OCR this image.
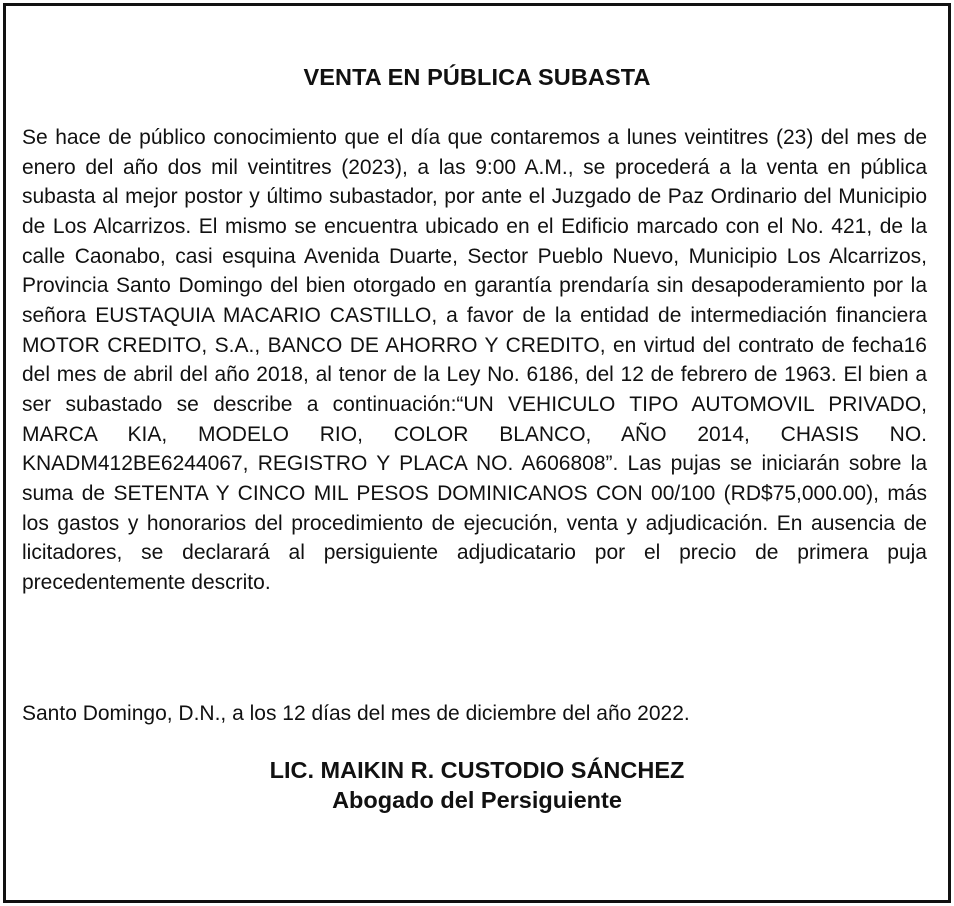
VENTA EN PÚBLICA SUBASTA

Se hace de público conocimiento que el día que contaremos a lunes veintitres (23) del mes de enero del año dos mil veintitres (2023), a las 9:00 A.M., se procederá a la venta en pública subasta al mejor postor y último subastador, por ante el Juzgado de Paz Ordinario del Municipio de Los Alcarrizos. El mismo se encuentra ubicado en el Edificio marcado con el No. 421, de la calle Caonabo, casi esquina Avenida Duarte, Sector Pueblo Nuevo, Municipio Los Alcarrizos, Provincia Santo Domingo del bien otorgado en garantía prendaría sin desapoderamiento por la señora EUSTAQUIA MACARIO CASTILLO, a favor de la entidad de intermediación financiera MOTOR CREDITO, S.A., BANCO DE AHORRO Y CREDITO, en virtud del contrato de fecha16 del mes de abril del año 2018, al tenor de la Ley No. 6186, del 12 de febrero de 1963. El bien a ser subastado se describe a continuación:“UN VEHICULO TIPO AUTOMOVIL PRIVADO, MARCA KIA, MODELO RIO, COLOR BLANCO, AÑO 2014, CHASIS NO. KNADM412BE6244067, REGISTRO Y PLACA NO. A606808”. Las pujas se iniciarán sobre la suma de SETENTA Y CINCO MIL PESOS DOMINICANOS CON 00/100 (RD$75,000.00), más los gastos y honorarios del procedimiento de ejecución, venta y adjudicación. En ausencia de licitadores, se declarará al persiguiente adjudicatario por el precio de primera puja precedentemente descrito.

Santo Domingo, D.N., a los 12 días del mes de diciembre del año 2022.

LIC. MAIKIN R. CUSTODIO SÁNCHEZ

Abogado del Persiguiente
